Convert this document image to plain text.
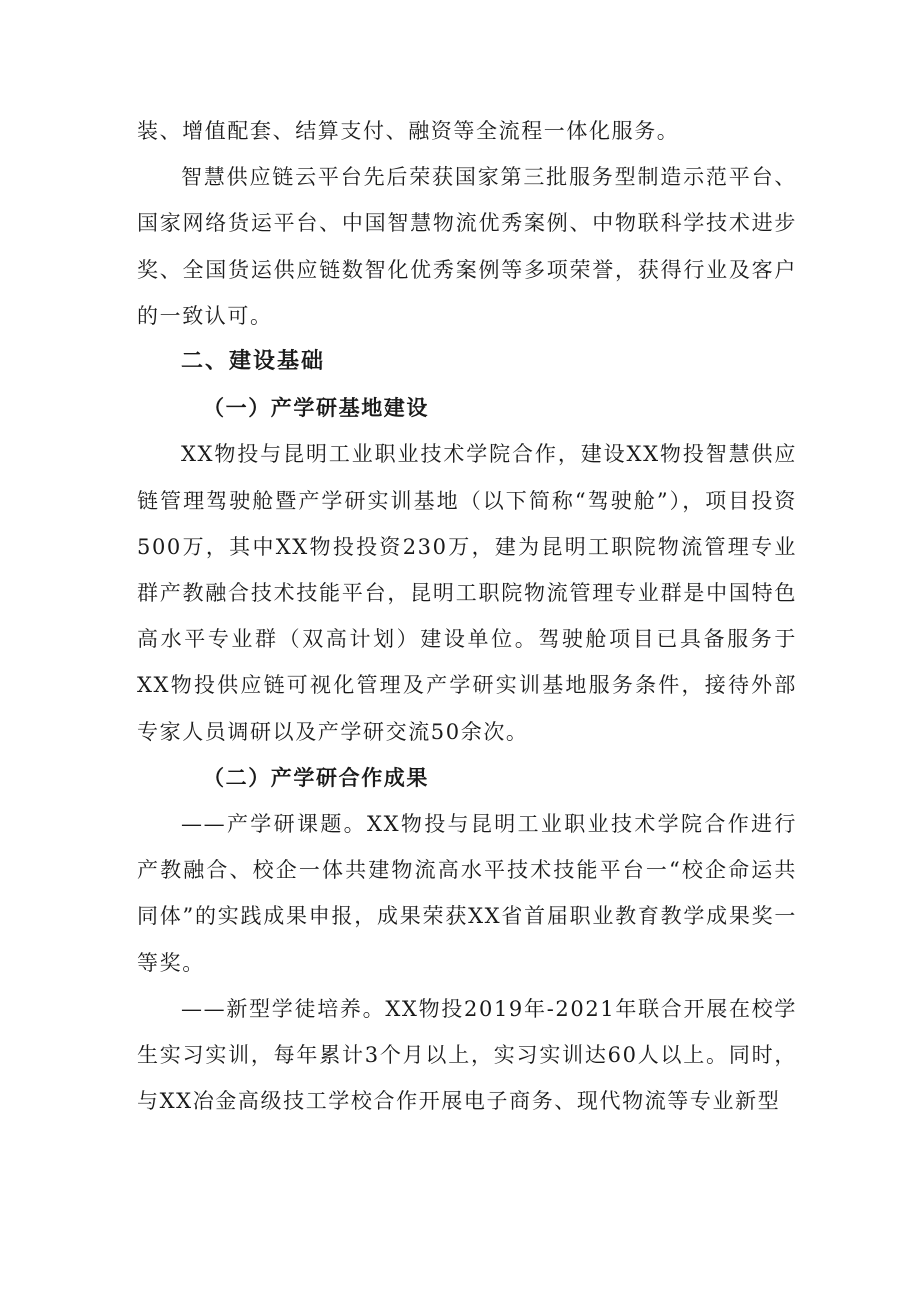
装、增值配套、结算支付、融资等全流程一体化服务。

智慧供应链云平台先后荣获国家第三批服务型制造示范平台、国家网络货运平台、中国智慧物流优秀案例、中物联科学技术进步奖、全国货运供应链数智化优秀案例等多项荣誉，获得行业及客户的一致认可。

二、建设基础
（一）产学研基地建设

XX物投与昆明工业职业技术学院合作，建设XX物投智慧供应链管理驾驶舱暨产学研实训基地（以下简称“驾驶舱”），项目投资500万，其中XX物投投资230万，建为昆明工职院物流管理专业群产教融合技术技能平台，昆明工职院物流管理专业群是中国特色高水平专业群（双高计划）建设单位。驾驶舱项目已具备服务于XX物投供应链可视化管理及产学研实训基地服务条件，接待外部专家人员调研以及产学研交流50余次。

（二）产学研合作成果

——产学研课题。XX物投与昆明工业职业技术学院合作进行产教融合、校企一体共建物流高水平技术技能平台一“校企命运共同体”的实践成果申报，成果荣获XX省首届职业教育教学成果奖一等奖。

——新型学徒培养。XX物投2019年-2021年联合开展在校学生实习实训，每年累计3个月以上，实习实训达60人以上。同时，与XX冶金高级技工学校合作开展电子商务、现代物流等专业新型
